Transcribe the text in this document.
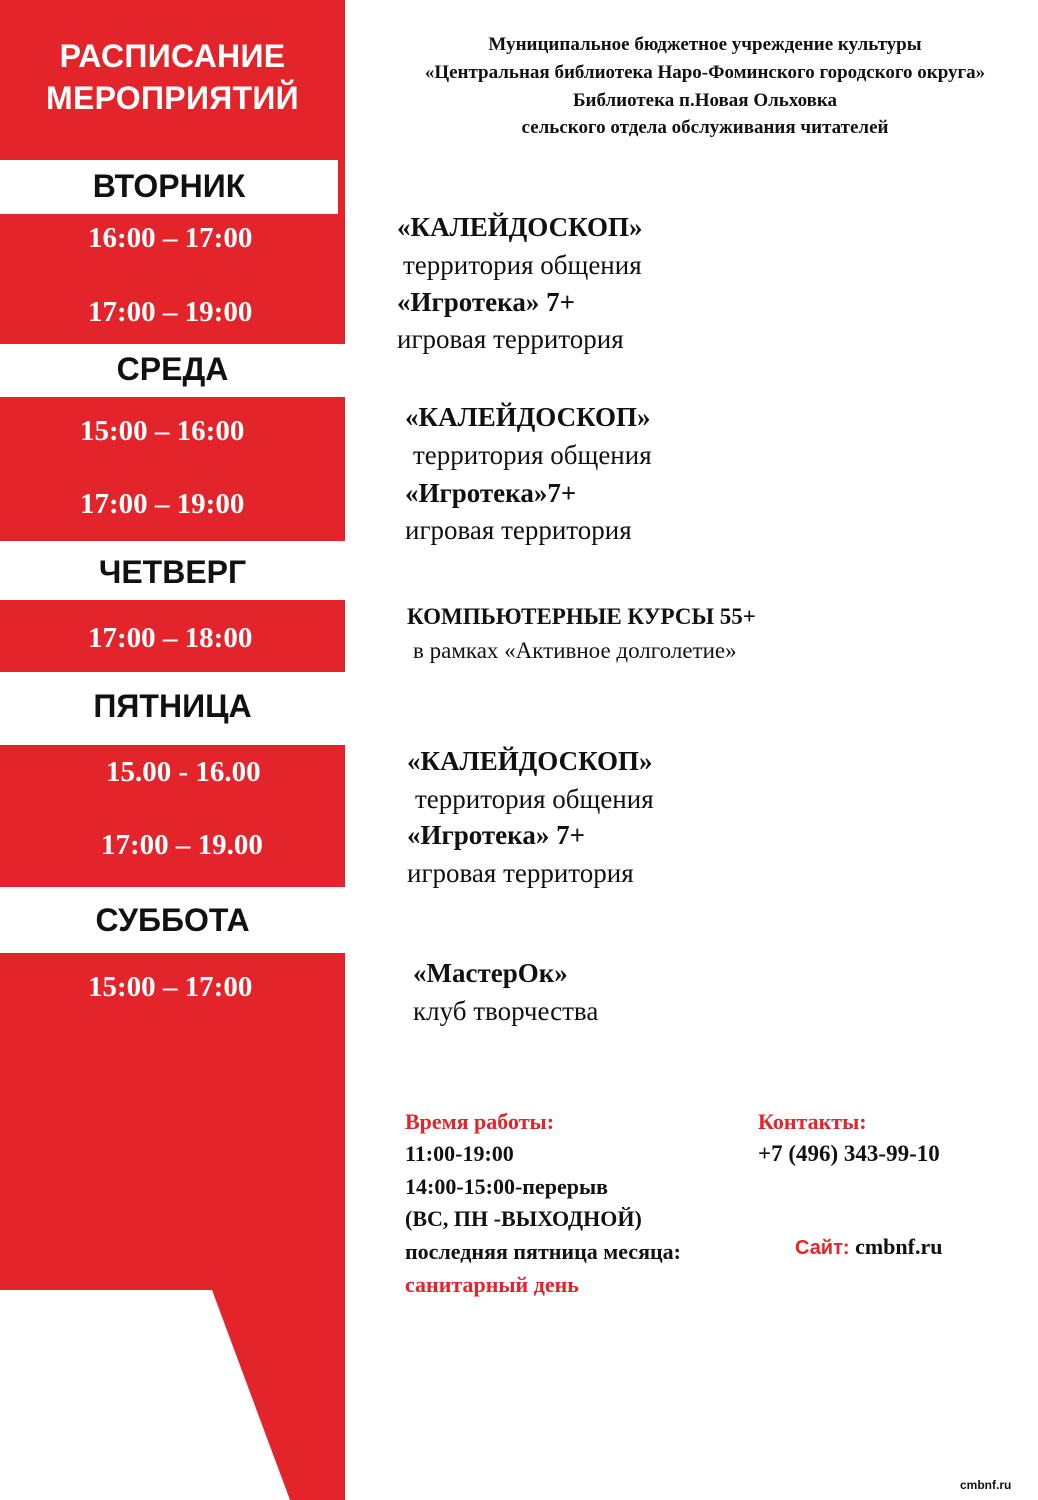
РАСПИСАНИЕ
МЕРОПРИЯТИЙ
Муниципальное бюджетное учреждение культуры
«Центральная библиотека Наро-Фоминского городского округа»
Библиотека п.Новая Ольховка
сельского отдела обслуживания читателей
ВТОРНИК
16:00 – 17:00
17:00 – 19:00
«КАЛЕЙДОСКОП»
территория общения
«Игротека» 7+
игровая территория
СРЕДА
15:00 – 16:00
17:00 – 19:00
«КАЛЕЙДОСКОП»
территория общения
«Игротека»7+
игровая территория
ЧЕТВЕРГ
17:00 – 18:00
КОМПЬЮТЕРНЫЕ КУРСЫ 55+
в рамках «Активное долголетие»
ПЯТНИЦА
15.00 - 16.00
17:00 – 19.00
«КАЛЕЙДОСКОП»
территория общения
«Игротека» 7+
игровая территория
СУББОТА
15:00 – 17:00	«МастерОк»
клуб творчества
Время работы:
11:00-19:00
14:00-15:00-перерыв
(ВС, ПН -ВЫХОДНОЙ)
последняя пятница месяца:
санитарный день
Контакты:
+7 (496) 343-99-10
Сайт: cmbnf.ru
cmbnf.ru
